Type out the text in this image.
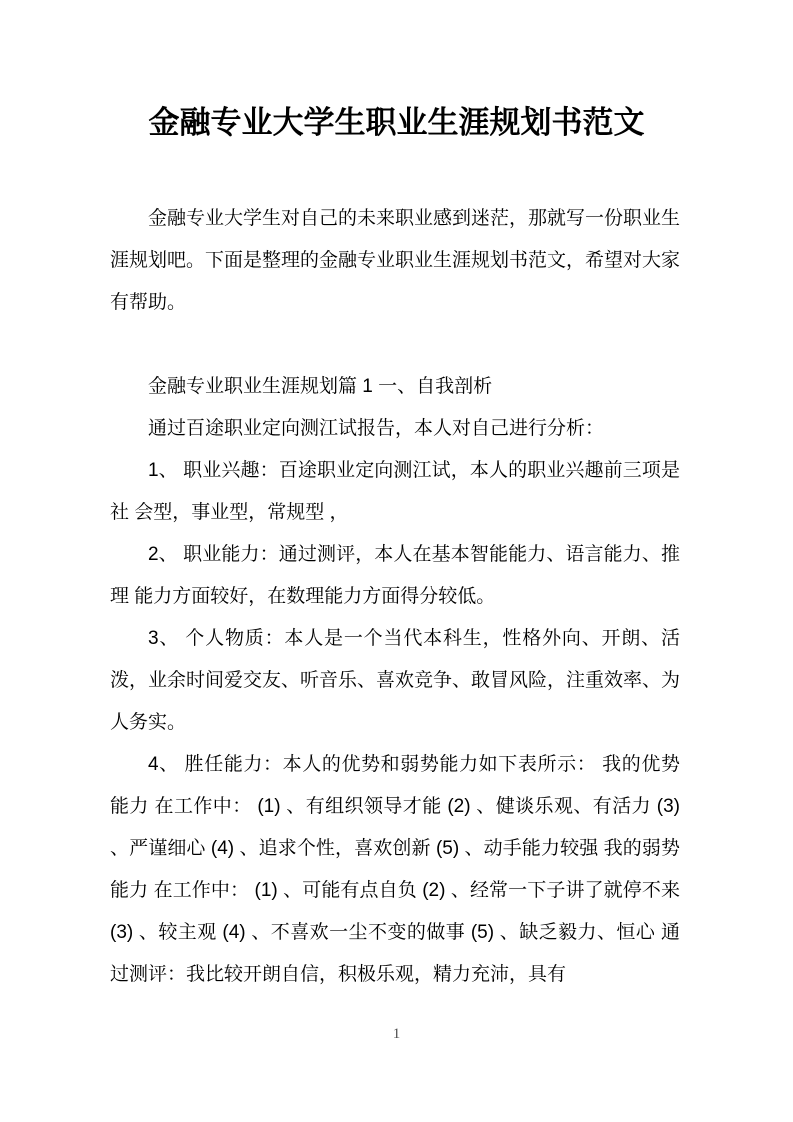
金融专业大学生职业生涯规划书范文

金融专业大学生对自己的未来职业感到迷茫，那就写一份职业生涯规划吧。下面是整理的金融专业职业生涯规划书范文，希望对大家有帮助。

金融专业职业生涯规划篇 1 一、自我剖析

通过百途职业定向测江试报告，本人对自己进行分析：

1、 职业兴趣：百途职业定向测江试，本人的职业兴趣前三项是社 会型，事业型，常规型 ，

2、 职业能力：通过测评，本人在基本智能能力、语言能力、推理 能力方面较好，在数理能力方面得分较低。

3、 个人物质：本人是一个当代本科生，性格外向、开朗、活泼，业余时间爱交友、听音乐、喜欢竞争、敢冒风险，注重效率、为 人务实。

4、 胜任能力：本人的优势和弱势能力如下表所示： 我的优势能力 在工作中： (1) 、有组织领导才能 (2) 、健谈乐观、有活力 (3) 、严谨细心 (4) 、追求个性，喜欢创新 (5) 、动手能力较强 我的弱势能力 在工作中： (1) 、可能有点自负 (2) 、经常一下子讲了就停不来 (3) 、较主观 (4) 、不喜欢一尘不变的做事 (5) 、缺乏毅力、恒心 通过测评：我比较开朗自信，积极乐观，精力充沛，具有

1
